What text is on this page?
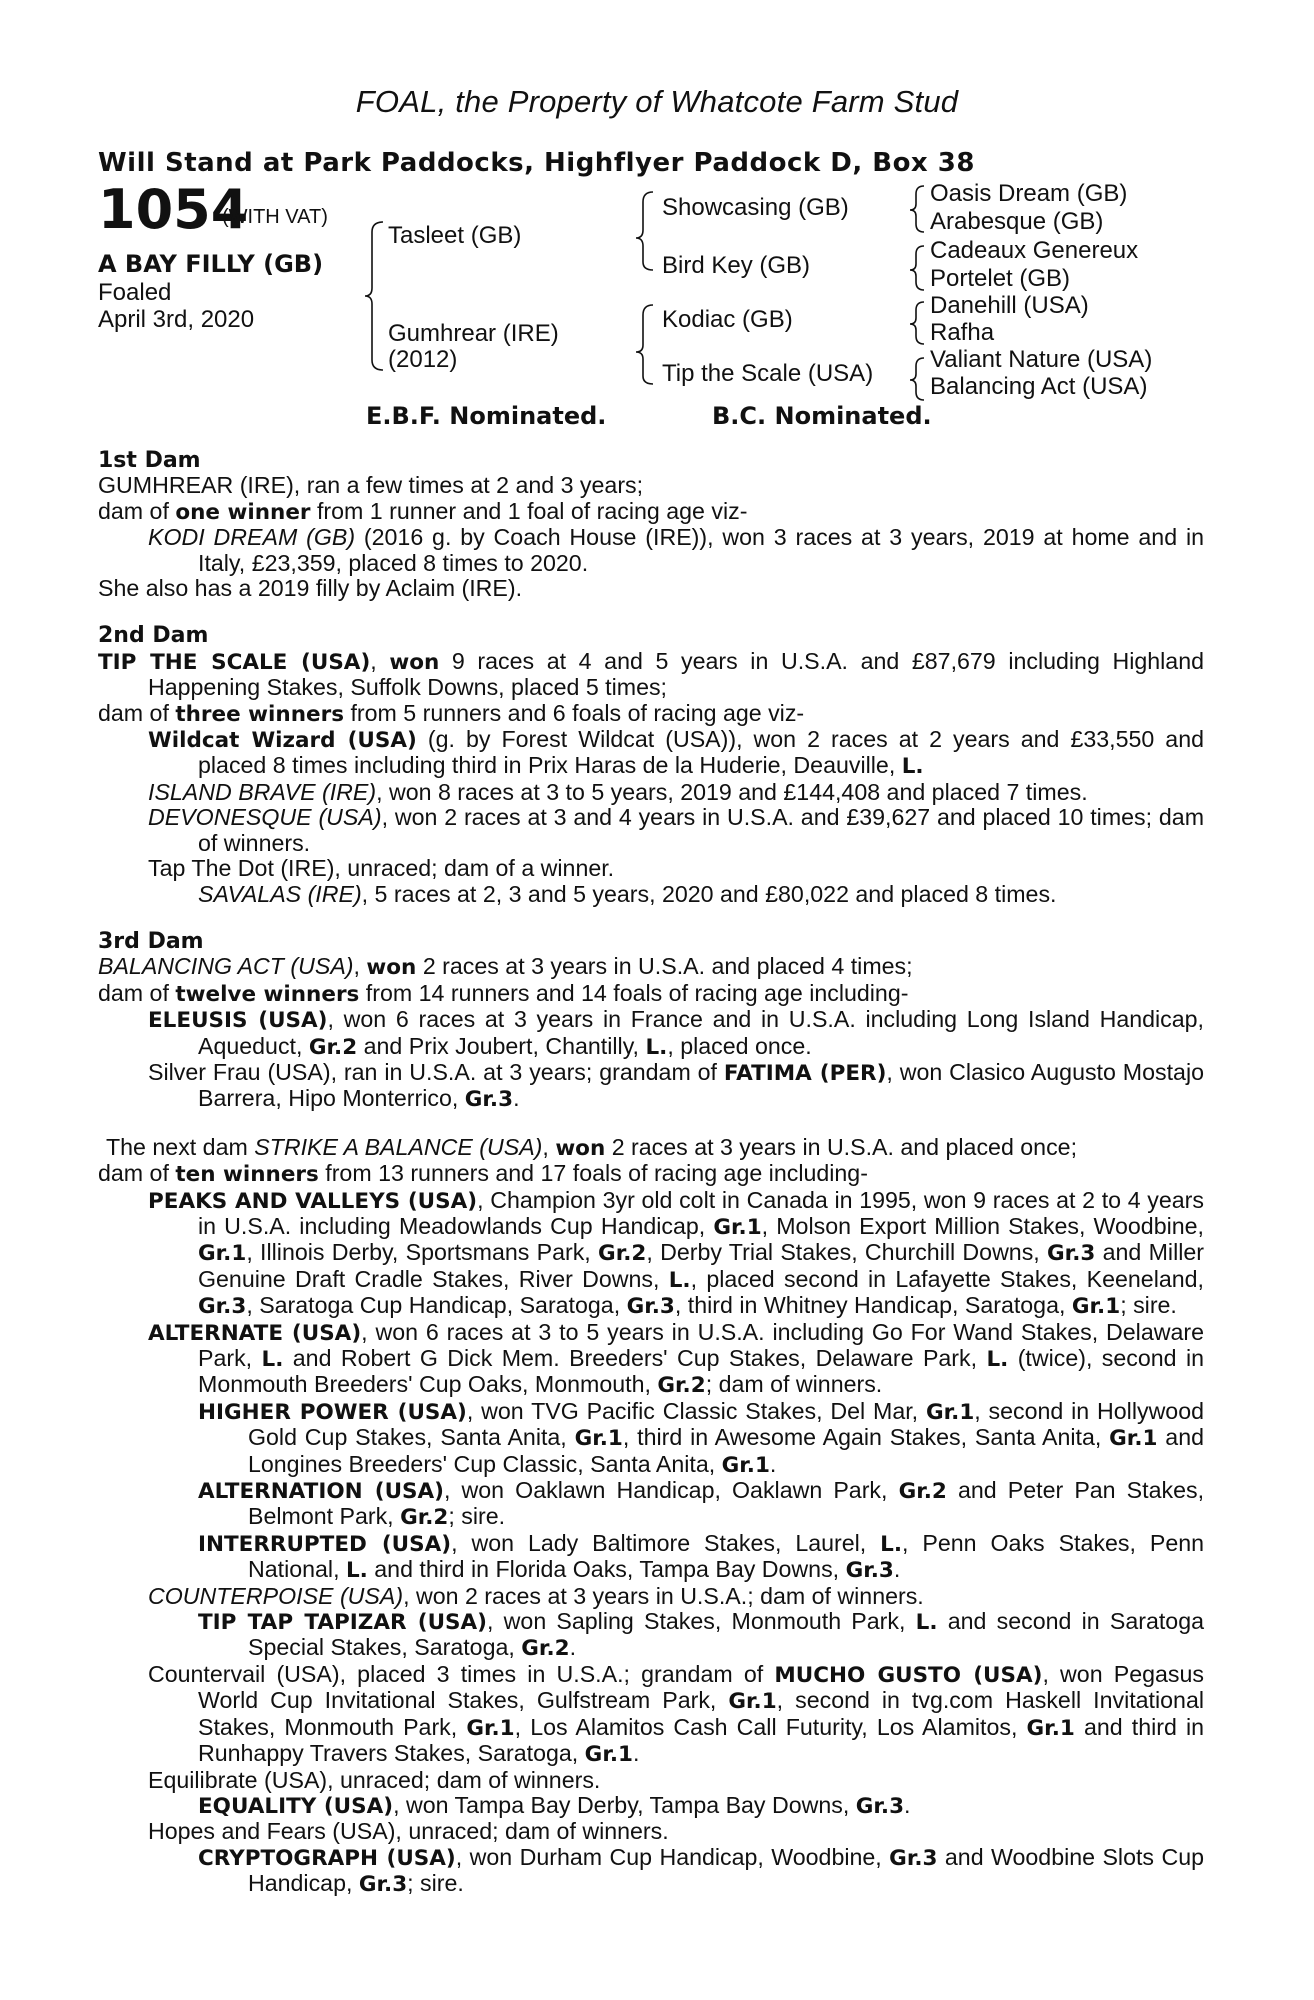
FOAL, the Property of Whatcote Farm Stud
Will Stand at Park Paddocks, Highflyer Paddock D, Box 38
1054
(WITH VAT)
A BAY FILLY (GB)
Foaled
April 3rd, 2020
Tasleet (GB)
Gumhrear (IRE)
(2012)
Showcasing (GB)
Bird Key (GB)
Kodiac (GB)
Tip the Scale (USA)
Oasis Dream (GB)
Arabesque (GB)
Cadeaux Genereux
Portelet (GB)
Danehill (USA)
Rafha
Valiant Nature (USA)
Balancing Act (USA)
E.B.F. Nominated.	B.C. Nominated.
1st Dam
GUMHREAR (IRE), ran a few times at 2 and 3 years;
dam of one winner from 1 runner and 1 foal of racing age viz-
KODI DREAM (GB) (2016 g. by Coach House (IRE)), won 3 races at 3 years, 2019 at home and in Italy, £23,359, placed 8 times to 2020.
She also has a 2019 filly by Aclaim (IRE).
2nd Dam
TIP THE SCALE (USA), won 9 races at 4 and 5 years in U.S.A. and £87,679 including Highland Happening Stakes, Suffolk Downs, placed 5 times;
dam of three winners from 5 runners and 6 foals of racing age viz-
Wildcat Wizard (USA) (g. by Forest Wildcat (USA)), won 2 races at 2 years and £33,550 and placed 8 times including third in Prix Haras de la Huderie, Deauville, L.
ISLAND BRAVE (IRE), won 8 races at 3 to 5 years, 2019 and £144,408 and placed 7 times.
DEVONESQUE (USA), won 2 races at 3 and 4 years in U.S.A. and £39,627 and placed 10 times; dam of winners.
Tap The Dot (IRE), unraced; dam of a winner.
SAVALAS (IRE), 5 races at 2, 3 and 5 years, 2020 and £80,022 and placed 8 times.
3rd Dam
BALANCING ACT (USA), won 2 races at 3 years in U.S.A. and placed 4 times;
dam of twelve winners from 14 runners and 14 foals of racing age including-
ELEUSIS (USA), won 6 races at 3 years in France and in U.S.A. including Long Island Handicap, Aqueduct, Gr.2 and Prix Joubert, Chantilly, L., placed once.
Silver Frau (USA), ran in U.S.A. at 3 years; grandam of FATIMA (PER), won Clasico Augusto Mostajo Barrera, Hipo Monterrico, Gr.3.
The next dam STRIKE A BALANCE (USA), won 2 races at 3 years in U.S.A. and placed once;
dam of ten winners from 13 runners and 17 foals of racing age including-
PEAKS AND VALLEYS (USA), Champion 3yr old colt in Canada in 1995, won 9 races at 2 to 4 years in U.S.A. including Meadowlands Cup Handicap, Gr.1, Molson Export Million Stakes, Woodbine, Gr.1, Illinois Derby, Sportsmans Park, Gr.2, Derby Trial Stakes, Churchill Downs, Gr.3 and Miller Genuine Draft Cradle Stakes, River Downs, L., placed second in Lafayette Stakes, Keeneland, Gr.3, Saratoga Cup Handicap, Saratoga, Gr.3, third in Whitney Handicap, Saratoga, Gr.1; sire.
ALTERNATE (USA), won 6 races at 3 to 5 years in U.S.A. including Go For Wand Stakes, Delaware Park, L. and Robert G Dick Mem. Breeders' Cup Stakes, Delaware Park, L. (twice), second in Monmouth Breeders' Cup Oaks, Monmouth, Gr.2; dam of winners.
HIGHER POWER (USA), won TVG Pacific Classic Stakes, Del Mar, Gr.1, second in Hollywood Gold Cup Stakes, Santa Anita, Gr.1, third in Awesome Again Stakes, Santa Anita, Gr.1 and Longines Breeders' Cup Classic, Santa Anita, Gr.1.
ALTERNATION (USA), won Oaklawn Handicap, Oaklawn Park, Gr.2 and Peter Pan Stakes, Belmont Park, Gr.2; sire.
INTERRUPTED (USA), won Lady Baltimore Stakes, Laurel, L., Penn Oaks Stakes, Penn National, L. and third in Florida Oaks, Tampa Bay Downs, Gr.3.
COUNTERPOISE (USA), won 2 races at 3 years in U.S.A.; dam of winners.
TIP TAP TAPIZAR (USA), won Sapling Stakes, Monmouth Park, L. and second in Saratoga Special Stakes, Saratoga, Gr.2.
Countervail (USA), placed 3 times in U.S.A.; grandam of MUCHO GUSTO (USA), won Pegasus World Cup Invitational Stakes, Gulfstream Park, Gr.1, second in tvg.com Haskell Invitational Stakes, Monmouth Park, Gr.1, Los Alamitos Cash Call Futurity, Los Alamitos, Gr.1 and third in Runhappy Travers Stakes, Saratoga, Gr.1.
Equilibrate (USA), unraced; dam of winners.
EQUALITY (USA), won Tampa Bay Derby, Tampa Bay Downs, Gr.3.
Hopes and Fears (USA), unraced; dam of winners.
CRYPTOGRAPH (USA), won Durham Cup Handicap, Woodbine, Gr.3 and Woodbine Slots Cup Handicap, Gr.3; sire.
